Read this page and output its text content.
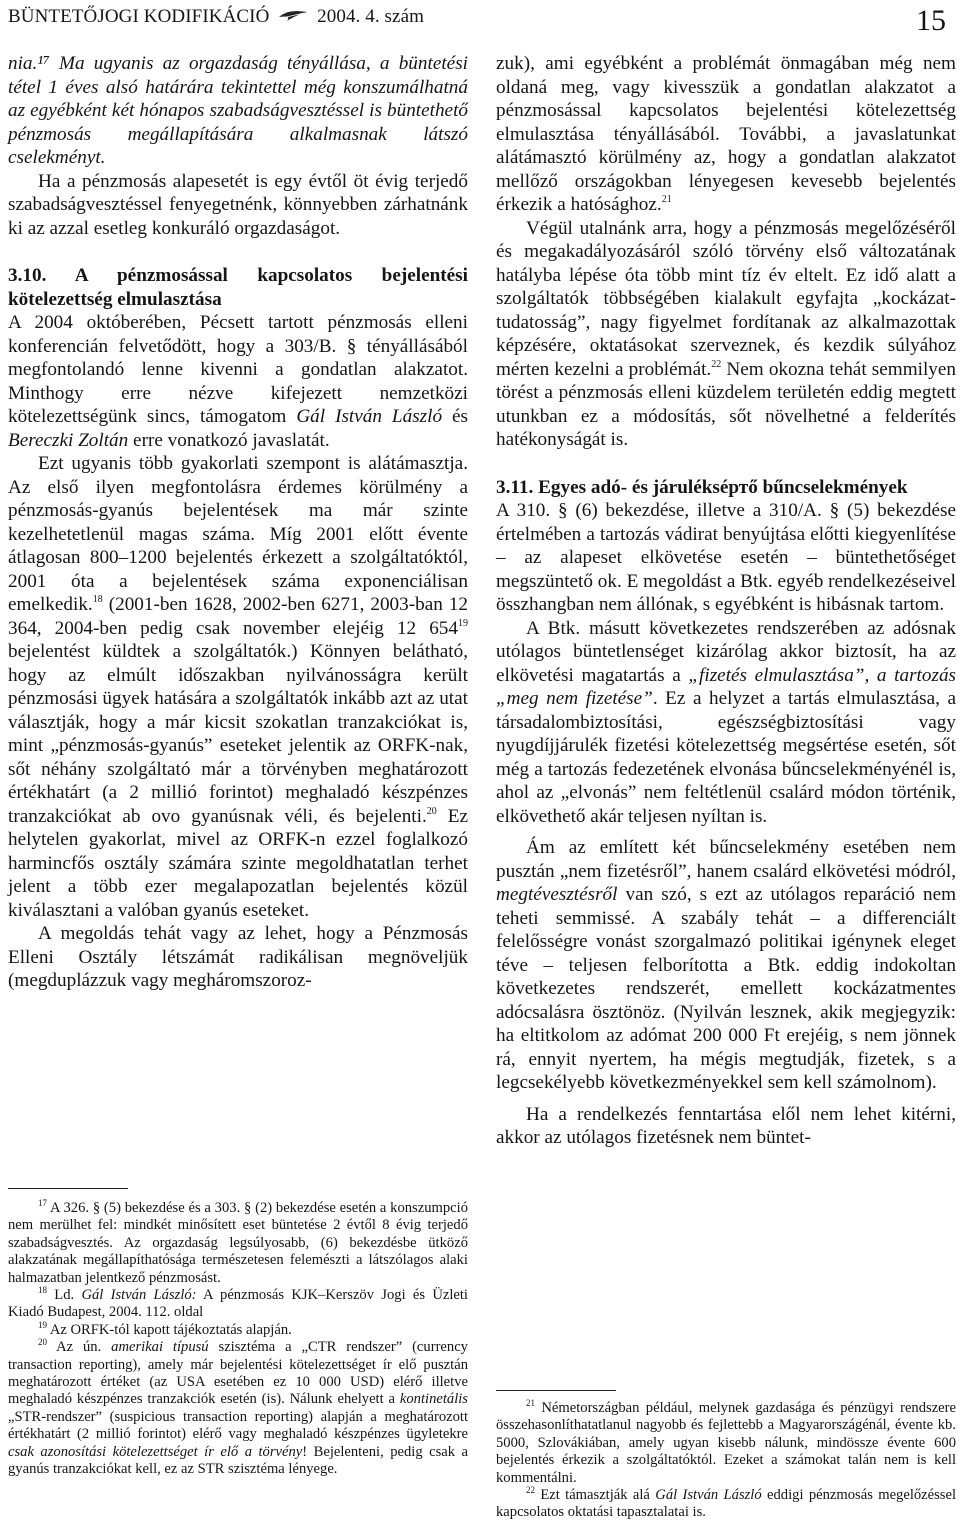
BÜNTETŐJOGI KODIFIKÁCIÓ	2004. 4. szám	15

nia.¹⁷ Ma ugyanis az orgazdaság tényállása, a büntetési tétel 1 éves alsó határára tekintettel még konszumálhatná az egyébként két hónapos szabadságvesztéssel is büntethető pénzmosás megállapítására alkalmasnak látszó cselekményt.

Ha a pénzmosás alapesetét is egy évtől öt évig terjedő szabadságvesztéssel fenyegetnénk, könnyebben zárhatnánk ki az azzal esetleg konkuráló orgazdaságot.

3.10. A pénzmosással kapcsolatos bejelentési kötelezettség elmulasztása

A 2004 októberében, Pécsett tartott pénzmosás elleni konferencián felvetődött, hogy a 303/B. § tényállásából megfontolandó lenne kivenni a gondatlan alakzatot. Minthogy erre nézve kifejezett nemzetközi kötelezettségünk sincs, támogatom Gál István László és Bereczki Zoltán erre vonatkozó javaslatát.

Ezt ugyanis több gyakorlati szempont is alátámasztja. Az első ilyen megfontolásra érdemes körülmény a pénzmosás-gyanús bejelentések ma már szinte kezelhetetlenül magas száma. Míg 2001 előtt évente átlagosan 800–1200 bejelentés érkezett a szolgáltatóktól, 2001 óta a bejelentések száma exponenciálisan emelkedik.$^{18}$ (2001-ben 1628, 2002-ben 6271, 2003-ban 12 364, 2004-ben pedig csak november elejéig 12 $654^{19}$ bejelentést küldtek a szolgáltatók.) Könnyen belátható, hogy az elmúlt időszakban nyilvánosságra került pénzmosási ügyek hatására a szolgáltatók inkább azt az utat választják, hogy a már kicsit szokatlan tranzakciókat is, mint „pénzmosás-gyanús” eseteket jelentik az ORFK-nak, sőt néhány szolgáltató már a törvényben meghatározott értékhatárt (a 2 millió forintot) meghaladó készpénzes tranzakciókat ab ovo gyanúsnak véli, és bejelenti.$^{20}$ Ez helytelen gyakorlat, mivel az ORFK-n ezzel foglalkozó harmincfős osztály számára szinte megoldhatatlan terhet jelent a több ezer megalapozatlan bejelentés közül kiválasztani a valóban gyanús eseteket.

A megoldás tehát vagy az lehet, hogy a Pénzmosás Elleni Osztály létszámát radikálisan megnöveljük (megduplázzuk vagy megháromszoroz-

$^{17}$ A 326. § (5) bekezdése és a 303. § (2) bekezdése esetén a konszumpció nem merülhet fel: mindkét minősített eset büntetése 2 évtől 8 évig terjedő szabadságvesztés. Az orgazdaság legsúlyosabb, (6) bekezdésbe ütköző alakzatának megállapíthatósága természetesen felemészti a látszólagos alaki halmazatban jelentkező pénzmosást.

$^{18}$ Ld. Gál István László: A pénzmosás KJK–Kerszöv Jogi és Üzleti Kiadó Budapest, 2004. 112. oldal

$^{19}$ Az ORFK-tól kapott tájékoztatás alapján.

$^{20}$ Az ún. amerikai típusú szisztéma a „CTR rendszer” (currency transaction reporting), amely már bejelentési kötelezettséget ír elő pusztán meghatározott értéket (az USA esetében ez 10 000 USD) elérő illetve meghaladó készpénzes tranzakciók esetén (is). Nálunk ehelyett a kontinetális „STR-rendszer” (suspicious transaction reporting) alapján a meghatározott értékhatárt (2 millió forintot) elérő vagy meghaladó készpénzes ügyletekre csak azonosítási kötelezettséget ír elő a törvény! Bejelenteni, pedig csak a gyanús tranzakciókat kell, ez az STR szisztéma lényege.

zuk), ami egyébként a problémát önmagában még nem oldaná meg, vagy kivesszük a gondatlan alakzatot a pénzmosással kapcsolatos bejelentési kötelezettség elmulasztása tényállásából. További, a javaslatunkat alátámasztó körülmény az, hogy a gondatlan alakzatot mellőző országokban lényegesen kevesebb bejelentés érkezik a hatósághoz.$^{21}$

Végül utalnánk arra, hogy a pénzmosás megelőzéséről és megakadályozásáról szóló törvény első változatának hatályba lépése óta több mint tíz év eltelt. Ez idő alatt a szolgáltatók többségében kialakult egyfajta „kockázat-tudatosság”, nagy figyelmet fordítanak az alkalmazottak képzésére, oktatásokat szerveznek, és kezdik súlyához mérten kezelni a problémát.$^{22}$ Nem okozna tehát semmilyen törést a pénzmosás elleni küzdelem területén eddig megtett utunkban ez a módosítás, sőt növelhetné a felderítés hatékonyságát is.

3.11. Egyes adó- és járulékséртő bűncselekmények

A 310. § (6) bekezdése, illetve a 310/A. § (5) bekezdése értelmében a tartozás vádirat benyújtása előtti kiegyenlítése – az alapeset elkövetése esetén – büntethetőséget megszüntető ok. E megoldást a Btk. egyéb rendelkezéseivel összhangban nem állónak, s egyébként is hibásnak tartom.

A Btk. másutt következetes rendszerében az adósnak utólagos büntetlenséget kizárólag akkor biztosít, ha az elkövetési magatartás a „fizetés elmulasztása”, a tartozás „meg nem fizetése”. Ez a helyzet a tartás elmulasztása, a társadalombiztosítási, egészségbiztosítási vagy nyugdíjjárulék fizetési kötelezettség megsértése esetén, sőt még a tartozás fedezetének elvonása bűncselekményénél is, ahol az „elvonás” nem feltétlenül csalárd módon történik, elkövethető akár teljesen nyíltan is.

Ám az említett két bűncselekmény esetében nem pusztán „nem fizetésről”, hanem csalárd elkövetési módról, megtévesztésről van szó, s ezt az utólagos reparáció nem teheti semmissé. A szabály tehát – a differenciált felelősségre vonást szorgalmazó politikai igénynek eleget téve – teljesen felborította a Btk. eddig indokoltan következetes rendszerét, emellett kockázatmentes adócsalásra ösztönöz. (Nyilván lesznek, akik megjegyzik: ha eltitkolom az adómat 200 000 Ft erejéig, s nem jönnek rá, ennyit nyertem, ha mégis megtudják, fizetek, s a legcsekélyebb következményekkel sem kell számolnom).

Ha a rendelkezés fenntartása elől nem lehet kitérni, akkor az utólagos fizetésnek nem büntet-

$^{21}$ Németországban például, melynek gazdasága és pénzügyi rendszere összehasonlíthatatlanul nagyobb és fejlettebb a Magyarországénál, évente kb. 5000, Szlovákiában, amely ugyan kisebb nálunk, mindössze évente 600 bejelentés érkezik a szolgáltatóktól. Ezeket a számokat talán nem is kell kommentálni.

$^{22}$ Ezt támasztják alá Gál István László eddigi pénzmosás megelőzéssel kapcsolatos oktatási tapasztalatai is.
